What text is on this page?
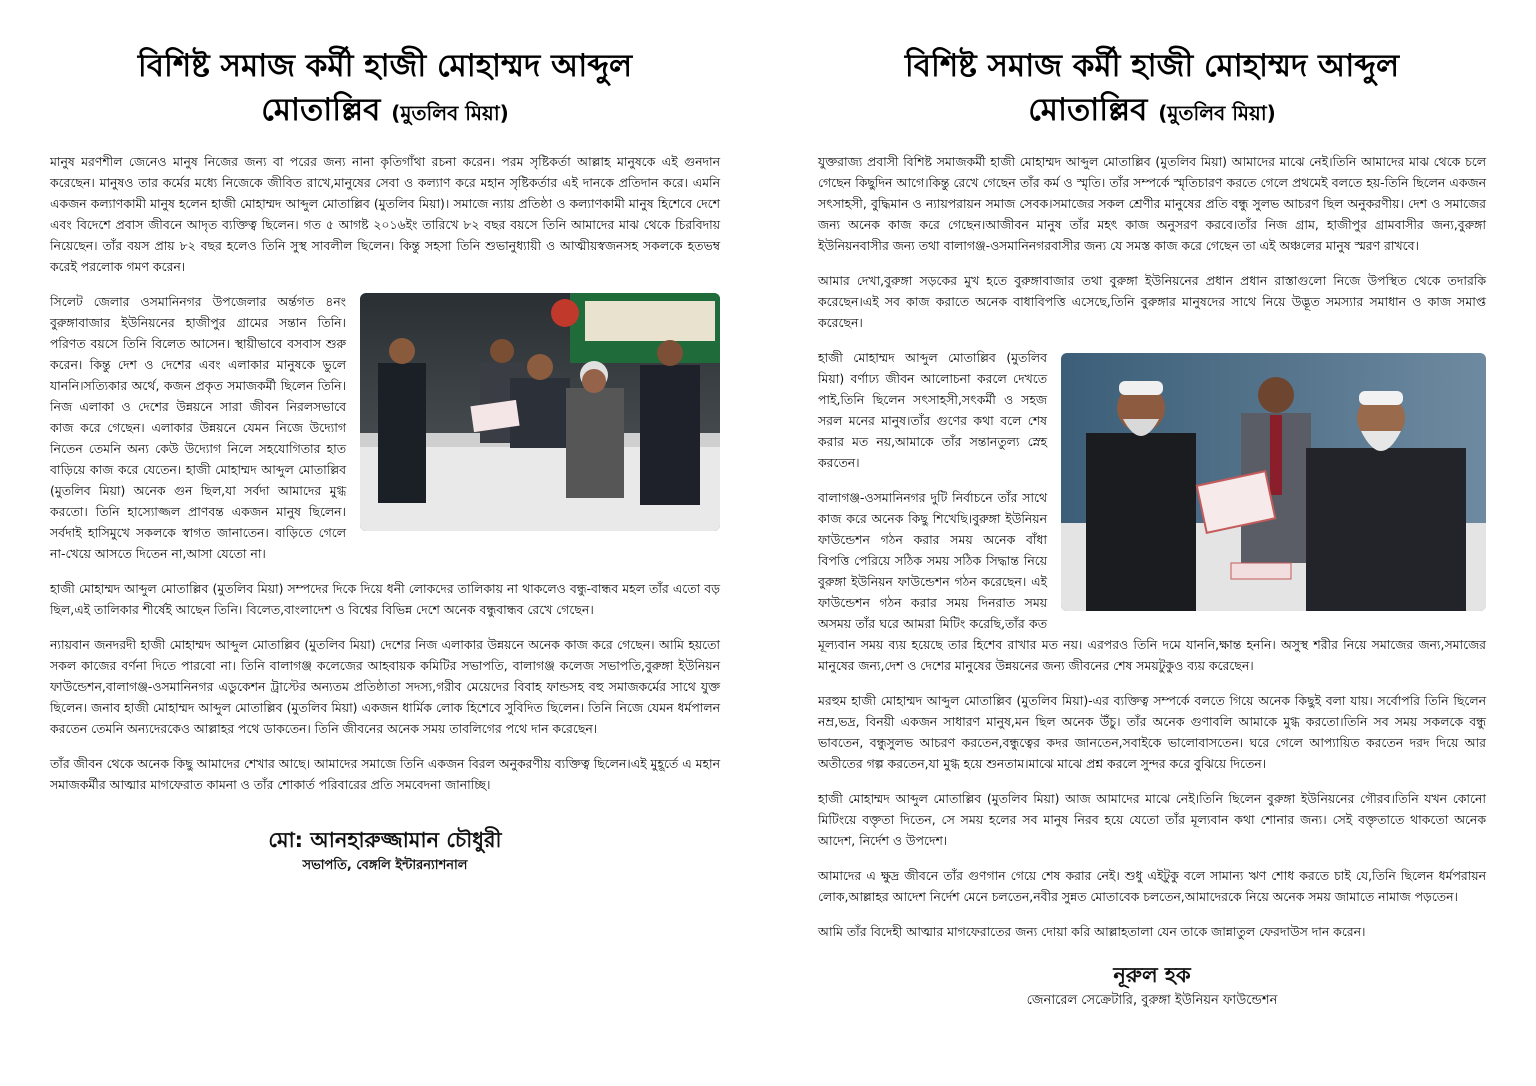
বিশিষ্ট সমাজ কর্মী হাজী মোহাম্মদ আব্দুল
মোতাল্লিব (মুতলিব মিয়া)

মানুষ মরণশীল জেনেও মানুষ নিজের জন্য বা পরের জন্য নানা কৃতিগাঁথা রচনা করেন। পরম সৃষ্টিকর্তা আল্লাহ মানুষকে এই গুনদান করেছেন। মানুষও তার কর্মের মধ্যে নিজেকে জীবিত রাখে,মানুষের সেবা ও কল্যাণ করে মহান সৃষ্টিকর্তার এই দানকে প্রতিদান করে। এমনি একজন কল্যাণকামী মানুষ হলেন হাজী মোহাম্মদ আব্দুল মোতাল্লিব (মুতলিব মিয়া)। সমাজে ন্যায় প্রতিষ্ঠা ও কল্যাণকামী মানুষ হিশেবে দেশে এবং বিদেশে প্রবাস জীবনে আদৃত ব্যক্তিত্ব ছিলেন। গত ৫ আগষ্ট ২০১৬ইং তারিখে ৮২ বছর বয়সে তিনি আমাদের মাঝ থেকে চিরবিদায় নিয়েছেন। তাঁর বয়স প্রায় ৮২ বছর হলেও তিনি সুস্থ সাবলীল ছিলেন। কিন্তু সহসা তিনি শুভানুধ্যায়ী ও আত্মীয়স্বজনসহ সকলকে হতভম্ব করেই পরলোক গমণ করেন।

সিলেট জেলার ওসমানিনগর উপজেলার অর্ন্তগত ৪নং বুরুঙ্গাবাজার ইউনিয়নের হাজীপুর গ্রামের সন্তান তিনি। পরিণত বয়সে তিনি বিলেত আসেন। স্থায়ীভাবে বসবাস শুরু করেন। কিন্তু দেশ ও দেশের এবং এলাকার মানুষকে ভুলে যাননি।সত্যিকার অর্থে, কজন প্রকৃত সমাজকর্মী ছিলেন তিনি।নিজ এলাকা ও দেশের উন্নয়নে সারা জীবন নিরলসভাবে কাজ করে গেছেন। এলাকার উন্নয়নে যেমন নিজে উদ্যোগ নিতেন তেমনি অন্য কেউ উদ্যোগ নিলে সহযোগিতার হাত বাড়িয়ে কাজ করে যেতেন। হাজী মোহাম্মদ আব্দুল মোতাল্লিব (মুতলিব মিয়া) অনেক গুন ছিল,যা সর্বদা আমাদের মুগ্ধ করতো। তিনি হাস্যোজ্জল প্রাণবন্ত একজন মানুষ ছিলেন। সর্বদাই হাসিমুখে সকলকে স্বাগত জানাতেন। বাড়িতে গেলে না-খেয়ে আসতে দিতেন না,আসা যেতো না।

হাজী মোহাম্মদ আব্দুল মোতাল্লিব (মুতলিব মিয়া) সম্পদের দিকে দিয়ে ধনী লোকদের তালিকায় না থাকলেও বন্ধু-বান্ধব মহল তাঁর এতো বড় ছিল,এই তালিকার শীর্ষেই আছেন তিনি। বিলেত,বাংলাদেশ ও বিশ্বের বিভিন্ন দেশে অনেক বন্ধুবান্ধব রেখে গেছেন।

ন্যায়বান জনদরদী হাজী মোহাম্মদ আব্দুল মোতাল্লিব (মুতলিব মিয়া) দেশের নিজ এলাকার উন্নয়নে অনেক কাজ করে গেছেন। আমি হয়তো সকল কাজের বর্ণনা দিতে পারবো না। তিনি বালাগঞ্জ কলেজের আহবায়ক কমিটির সভাপতি, বালাগঞ্জ কলেজ সভাপতি,বুরুঙ্গা ইউনিয়ন ফাউন্ডেশন,বালাগঞ্জ-ওসমানিনগর এডুকেশন ট্রাস্টের অন্যতম প্রতিষ্ঠাতা সদস্য,গরীব মেয়েদের বিবাহ ফান্ডসহ বহু সমাজকর্মের সাথে যুক্ত ছিলেন। জনাব হাজী মোহাম্মদ আব্দুল মোতাল্লিব (মুতলিব মিয়া) একজন ধার্মিক লোক হিশেবে সুবিদিত ছিলেন। তিনি নিজে যেমন ধর্মপালন করতেন তেমনি অন্যদেরকেও আল্লাহর পথে ডাকতেন। তিনি জীবনের অনেক সময় তাবলিগের পথে দান করেছেন।

তাঁর জীবন থেকে অনেক কিছু আমাদের শেখার আছে। আমাদের সমাজে তিনি একজন বিরল অনুকরণীয় ব্যক্তিত্ব ছিলেন।এই মুহূর্তে এ মহান সমাজকর্মীর আত্মার মাগফেরাত কামনা ও তাঁর শোকার্ত পরিবারের প্রতি সমবেদনা জানাচ্ছি।

মো: আনহারুজ্জামান চৌধুরী
সভাপতি, বেঙ্গলি ইন্টারন্যাশনাল
বিশিষ্ট সমাজ কর্মী হাজী মোহাম্মদ আব্দুল
মোতাল্লিব (মুতলিব মিয়া)

যুক্তরাজ্য প্রবাসী বিশিষ্ট সমাজকর্মী হাজী মোহাম্মদ আব্দুল মোতাল্লিব (মুতলিব মিয়া) আমাদের মাঝে নেই।তিনি আমাদের মাঝ থেকে চলে গেছেন কিছুদিন আগে।কিন্তু রেখে গেছেন তাঁর কর্ম ও স্মৃতি। তাঁর সম্পর্কে স্মৃতিচারণ করতে গেলে প্রথমেই বলতে হয়-তিনি ছিলেন একজন সৎসাহসী, বুদ্ধিমান ও ন্যায়পরায়ন সমাজ সেবক।সমাজের সকল শ্রেণীর মানুষের প্রতি বন্ধু সুলভ আচরণ ছিল অনুকরণীয়। দেশ ও সমাজের জন্য অনেক কাজ করে গেছেন।আজীবন মানুষ তাঁর মহৎ কাজ অনুসরণ করবে।তাঁর নিজ গ্রাম, হাজীপুর গ্রামবাসীর জন্য,বুরুঙ্গা ইউনিয়নবাসীর জন্য তথা বালাগঞ্জ-ওসমানিনগরবাসীর জন্য যে সমস্ত কাজ করে গেছেন তা এই অঞ্চলের মানুষ স্মরণ রাখবে।

আমার দেখা,বুরুঙ্গা সড়কের মুখ হতে বুরুঙ্গাবাজার তথা বুরুঙ্গা ইউনিয়নের প্রধান প্রধান রাস্তাগুলো নিজে উপস্থিত থেকে তদারকি করেছেন।এই সব কাজ করাতে অনেক বাধাবিপত্তি এসেছে,তিনি বুরুঙ্গার মানুষদের সাথে নিয়ে উদ্ভূত সমস্যার সমাধান ও কাজ সমাপ্ত করেছেন।

হাজী মোহাম্মদ আব্দুল মোতাল্লিব (মুতলিব মিয়া) বর্ণাঢ্য জীবন আলোচনা করলে দেখতে পাই,তিনি ছিলেন সৎসাহসী,সৎকর্মী ও সহজ সরল মনের মানুষ।তাঁর গুণের কথা বলে শেষ করার মত নয়,আমাকে তাঁর সন্তানতুল্য স্নেহ করতেন।

বালাগঞ্জ-ওসমানিনগর দুটি নির্বাচনে তাঁর সাথে কাজ করে অনেক কিছু শিখেছি।বুরুঙ্গা ইউনিয়ন ফাউন্ডেশন গঠন করার সময় অনেক বাঁধা বিপত্তি পেরিয়ে সঠিক সময় সঠিক সিদ্ধান্ত নিয়ে বুরুঙ্গা ইউনিয়ন ফাউন্ডেশন গঠন করেছেন। এই ফাউন্ডেশন গঠন করার সময় দিনরাত সময় অসময় তাঁর ঘরে আমরা মিটিং করেছি,তাঁর কত মূল্যবান সময় ব্যয় হয়েছে তার হিশেব রাখার মত নয়। এরপরও তিনি দমে যাননি,ক্ষান্ত হননি। অসুস্থ শরীর নিয়ে সমাজের জন্য,সমাজের মানুষের জন্য,দেশ ও দেশের মানুষের উন্নয়নের জন্য জীবনের শেষ সময়টুকুও ব্যয় করেছেন।

মরহুম হাজী মোহাম্মদ আব্দুল মোতাল্লিব (মুতলিব মিয়া)-এর ব্যক্তিত্ব সম্পর্কে বলতে গিয়ে অনেক কিছুই বলা যায়। সর্বোপরি তিনি ছিলেন নম্র,ভদ্র, বিনয়ী একজন সাধারণ মানুষ,মন ছিল অনেক উঁচু। তাঁর অনেক গুণাবলি আমাকে মুগ্ধ করতো।তিনি সব সময় সকলকে বন্ধু ভাবতেন, বন্ধুসুলভ আচরণ করতেন,বন্ধুত্বের কদর জানতেন,সবাইকে ভালোবাসতেন। ঘরে গেলে আপ্যায়িত করতেন দরদ দিয়ে আর অতীতের গল্প করতেন,যা মুগ্ধ হয়ে শুনতাম।মাঝে মাঝে প্রশ্ন করলে সুন্দর করে বুঝিয়ে দিতেন।

হাজী মোহাম্মদ আব্দুল মোতাল্লিব (মুতলিব মিয়া) আজ আমাদের মাঝে নেই।তিনি ছিলেন বুরুঙ্গা ইউনিয়নের গৌরব।তিনি যখন কোনো মিটিংয়ে বক্তৃতা দিতেন, সে সময় হলের সব মানুষ নিরব হয়ে যেতো তাঁর মূল্যবান কথা শোনার জন্য। সেই বক্তৃতাতে থাকতো অনেক আদেশ, নির্দেশ ও উপদেশ।

আমাদের এ ক্ষুদ্র জীবনে তাঁর গুণগান গেয়ে শেষ করার নেই। শুধু এইটুকু বলে সামান্য ঋণ শোধ করতে চাই যে,তিনি ছিলেন ধর্মপরায়ন লোক,আল্লাহর আদেশ নির্দেশ মেনে চলতেন,নবীর সুন্নত মোতাবেক চলতেন,আমাদেরকে নিয়ে অনেক সময় জামাতে নামাজ পড়তেন।

আমি তাঁর বিদেহী আত্মার মাগফেরাতের জন্য দোয়া করি আল্লাহতালা যেন তাকে জান্নাতুল ফেরদাউস দান করেন।

নূরুল হক
জেনারেল সেক্রেটারি, বুরুঙ্গা ইউনিয়ন ফাউন্ডেশন
